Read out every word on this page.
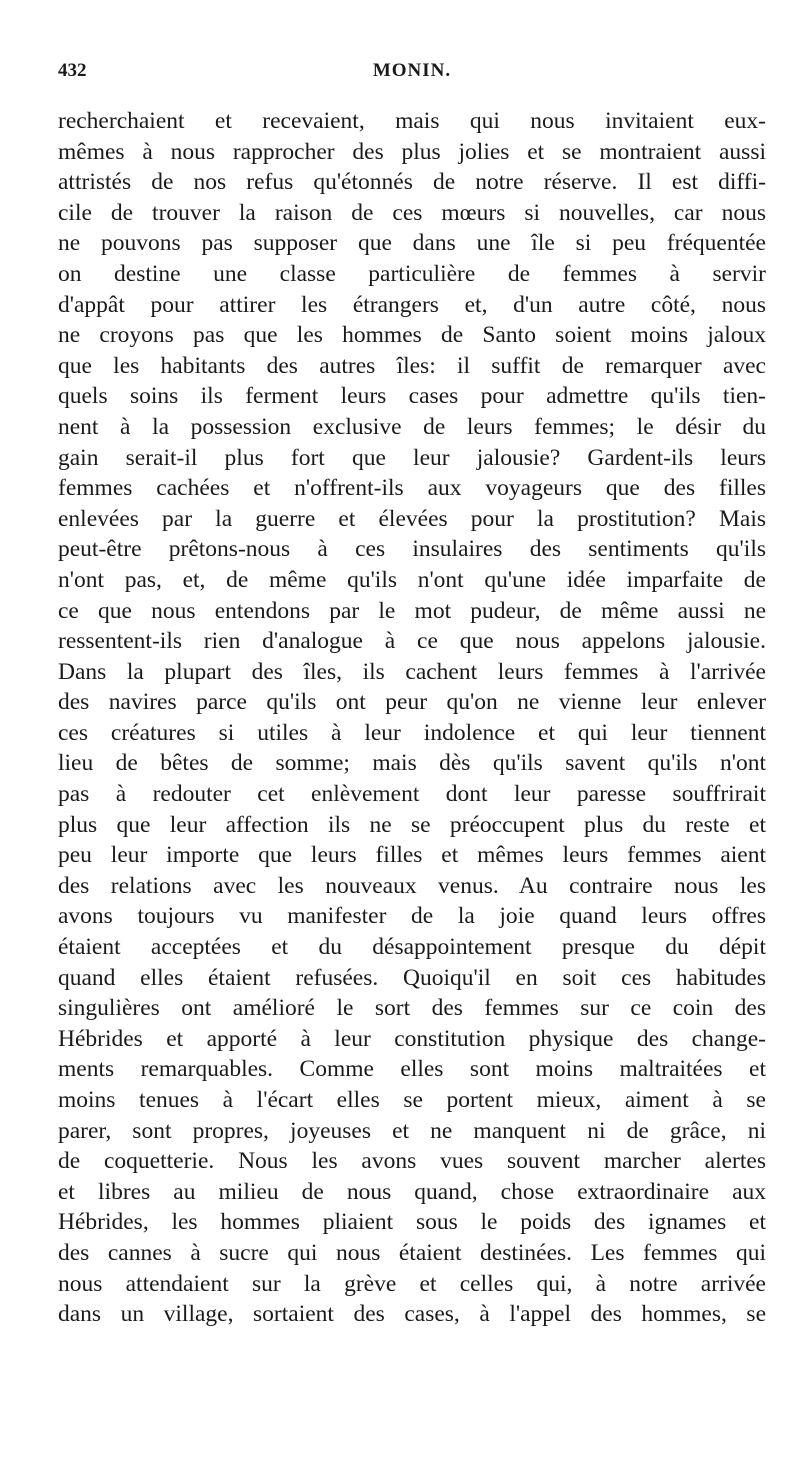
432	MONIN.
recherchaient et recevaient, mais qui nous invitaient eux-
mêmes à nous rapprocher des plus jolies et se montraient aussi
attristés de nos refus qu'étonnés de notre réserve. Il est diffi-
cile de trouver la raison de ces mœurs si nouvelles, car nous
ne pouvons pas supposer que dans une île si peu fréquentée
on destine une classe particulière de femmes à servir
d'appât pour attirer les étrangers et, d'un autre côté, nous
ne croyons pas que les hommes de Santo soient moins jaloux
que les habitants des autres îles: il suffit de remarquer avec
quels soins ils ferment leurs cases pour admettre qu'ils tien-
nent à la possession exclusive de leurs femmes; le désir du
gain serait-il plus fort que leur jalousie? Gardent-ils leurs
femmes cachées et n'offrent-ils aux voyageurs que des filles
enlevées par la guerre et élevées pour la prostitution? Mais
peut-être prêtons-nous à ces insulaires des sentiments qu'ils
n'ont pas, et, de même qu'ils n'ont qu'une idée imparfaite de
ce que nous entendons par le mot pudeur, de même aussi ne
ressentent-ils rien d'analogue à ce que nous appelons jalousie.
Dans la plupart des îles, ils cachent leurs femmes à l'arrivée
des navires parce qu'ils ont peur qu'on ne vienne leur enlever
ces créatures si utiles à leur indolence et qui leur tiennent
lieu de bêtes de somme; mais dès qu'ils savent qu'ils n'ont
pas à redouter cet enlèvement dont leur paresse souffrirait
plus que leur affection ils ne se préoccupent plus du reste et
peu leur importe que leurs filles et mêmes leurs femmes aient
des relations avec les nouveaux venus. Au contraire nous les
avons toujours vu manifester de la joie quand leurs offres
étaient acceptées et du désappointement presque du dépit
quand elles étaient refusées. Quoiqu'il en soit ces habitudes
singulières ont amélioré le sort des femmes sur ce coin des
Hébrides et apporté à leur constitution physique des change-
ments remarquables. Comme elles sont moins maltraitées et
moins tenues à l'écart elles se portent mieux, aiment à se
parer, sont propres, joyeuses et ne manquent ni de grâce, ni
de coquetterie. Nous les avons vues souvent marcher alertes
et libres au milieu de nous quand, chose extraordinaire aux
Hébrides, les hommes pliaient sous le poids des ignames et
des cannes à sucre qui nous étaient destinées. Les femmes qui
nous attendaient sur la grève et celles qui, à notre arrivée
dans un village, sortaient des cases, à l'appel des hommes, se
